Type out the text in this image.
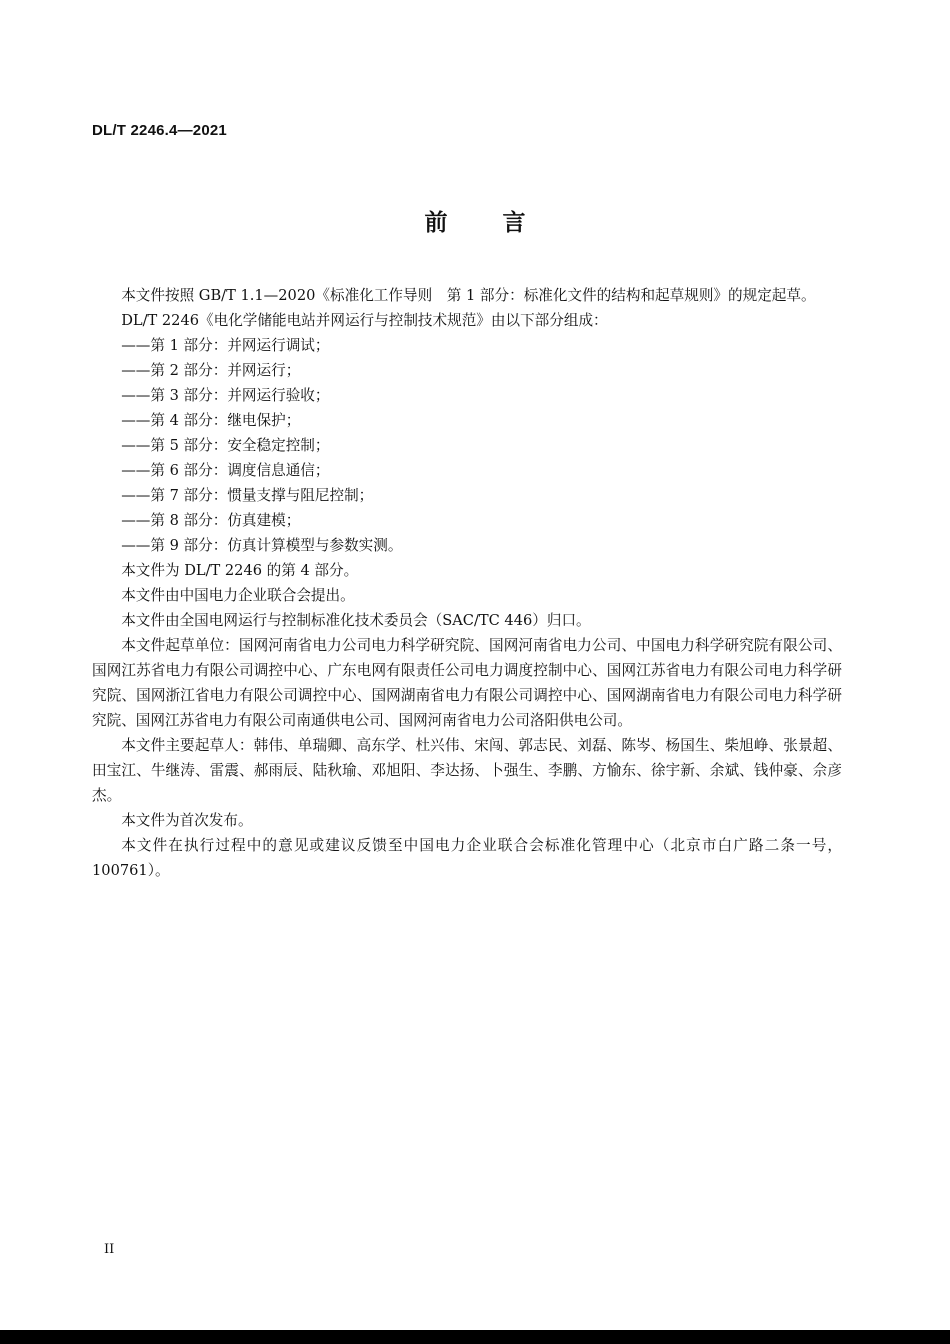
DL/T 2246.4—2021
前言

本文件按照 GB/T 1.1—2020《标准化工作导则　第 1 部分：标准化文件的结构和起草规则》的规定起草。

DL/T 2246《电化学储能电站并网运行与控制技术规范》由以下部分组成：

——第 1 部分：并网运行调试；

——第 2 部分：并网运行；

——第 3 部分：并网运行验收；

——第 4 部分：继电保护；

——第 5 部分：安全稳定控制；

——第 6 部分：调度信息通信；

——第 7 部分：惯量支撑与阻尼控制；

——第 8 部分：仿真建模；

——第 9 部分：仿真计算模型与参数实测。

本文件为 DL/T 2246 的第 4 部分。

本文件由中国电力企业联合会提出。

本文件由全国电网运行与控制标准化技术委员会（SAC/TC 446）归口。

本文件起草单位：国网河南省电力公司电力科学研究院、国网河南省电力公司、中国电力科学研究院有限公司、国网江苏省电力有限公司调控中心、广东电网有限责任公司电力调度控制中心、国网江苏省电力有限公司电力科学研究院、国网浙江省电力有限公司调控中心、国网湖南省电力有限公司调控中心、国网湖南省电力有限公司电力科学研究院、国网江苏省电力有限公司南通供电公司、国网河南省电力公司洛阳供电公司。

本文件主要起草人：韩伟、单瑞卿、高东学、杜兴伟、宋闯、郭志民、刘磊、陈岑、杨国生、柴旭峥、张景超、田宝江、牛继涛、雷震、郝雨辰、陆秋瑜、邓旭阳、李达扬、卜强生、李鹏、方愉东、徐宇新、余斌、钱仲豪、佘彦杰。

本文件为首次发布。

本文件在执行过程中的意见或建议反馈至中国电力企业联合会标准化管理中心（北京市白广路二条一号，100761）。

II
